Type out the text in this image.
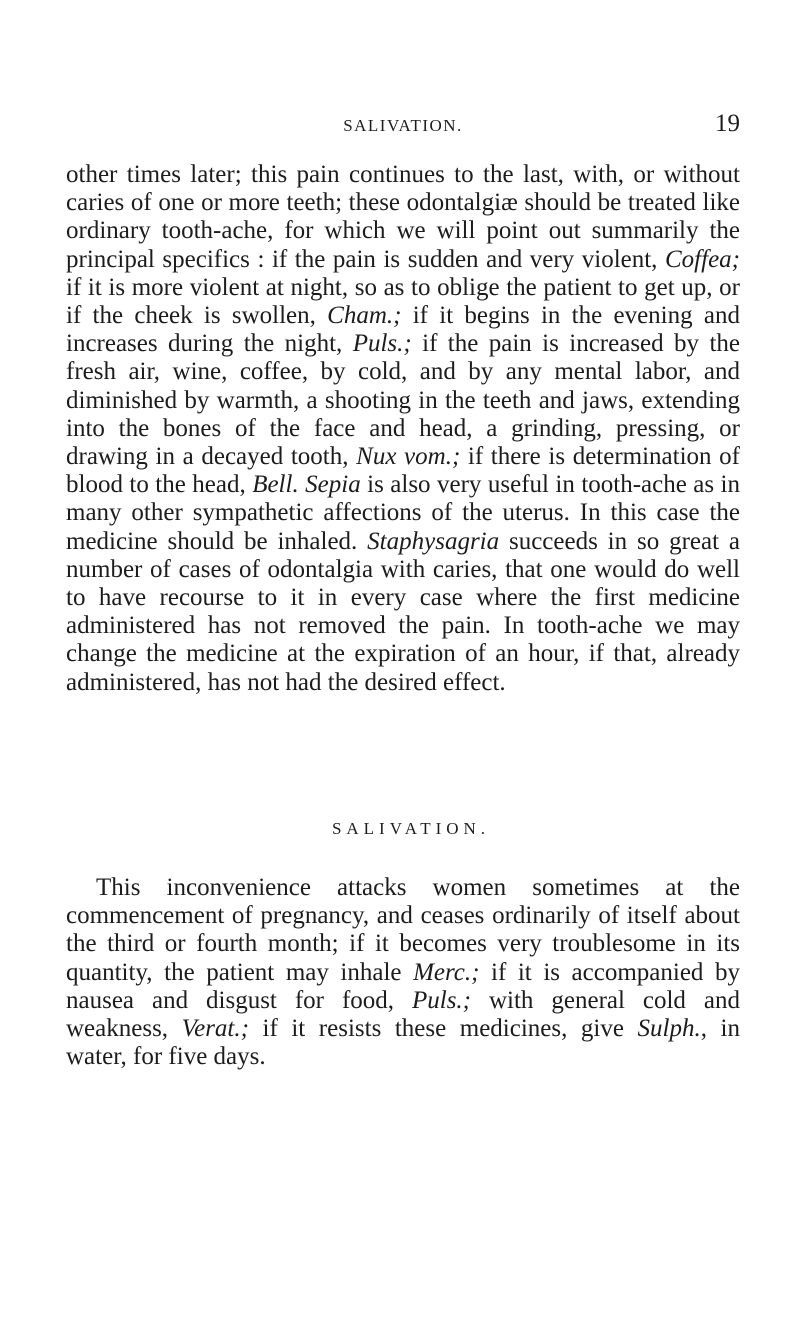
SALIVATION.	19

other times later; this pain continues to the last, with, or without caries of one or more teeth; these odontalgiæ should be treated like ordinary tooth-ache, for which we will point out summarily the principal specifics : if the pain is sudden and very violent, Coffea; if it is more violent at night, so as to oblige the patient to get up, or if the cheek is swollen, Cham.; if it begins in the evening and increases during the night, Puls.; if the pain is increased by the fresh air, wine, coffee, by cold, and by any mental labor, and diminished by warmth, a shooting in the teeth and jaws, extending into the bones of the face and head, a grinding, pressing, or drawing in a decayed tooth, Nux vom.; if there is determination of blood to the head, Bell. Sepia is also very useful in tooth-ache as in many other sympathetic affections of the uterus. In this case the medicine should be inhaled. Staphysagria succeeds in so great a number of cases of odontalgia with caries, that one would do well to have recourse to it in every case where the first medicine administered has not removed the pain. In tooth-ache we may change the medicine at the expiration of an hour, if that, already administered, has not had the desired effect.

SALIVATION.

This inconvenience attacks women sometimes at the commencement of pregnancy, and ceases ordinarily of itself about the third or fourth month; if it becomes very troublesome in its quantity, the patient may inhale Merc.; if it is accompanied by nausea and disgust for food, Puls.; with general cold and weakness, Verat.; if it resists these medicines, give Sulph., in water, for five days.
